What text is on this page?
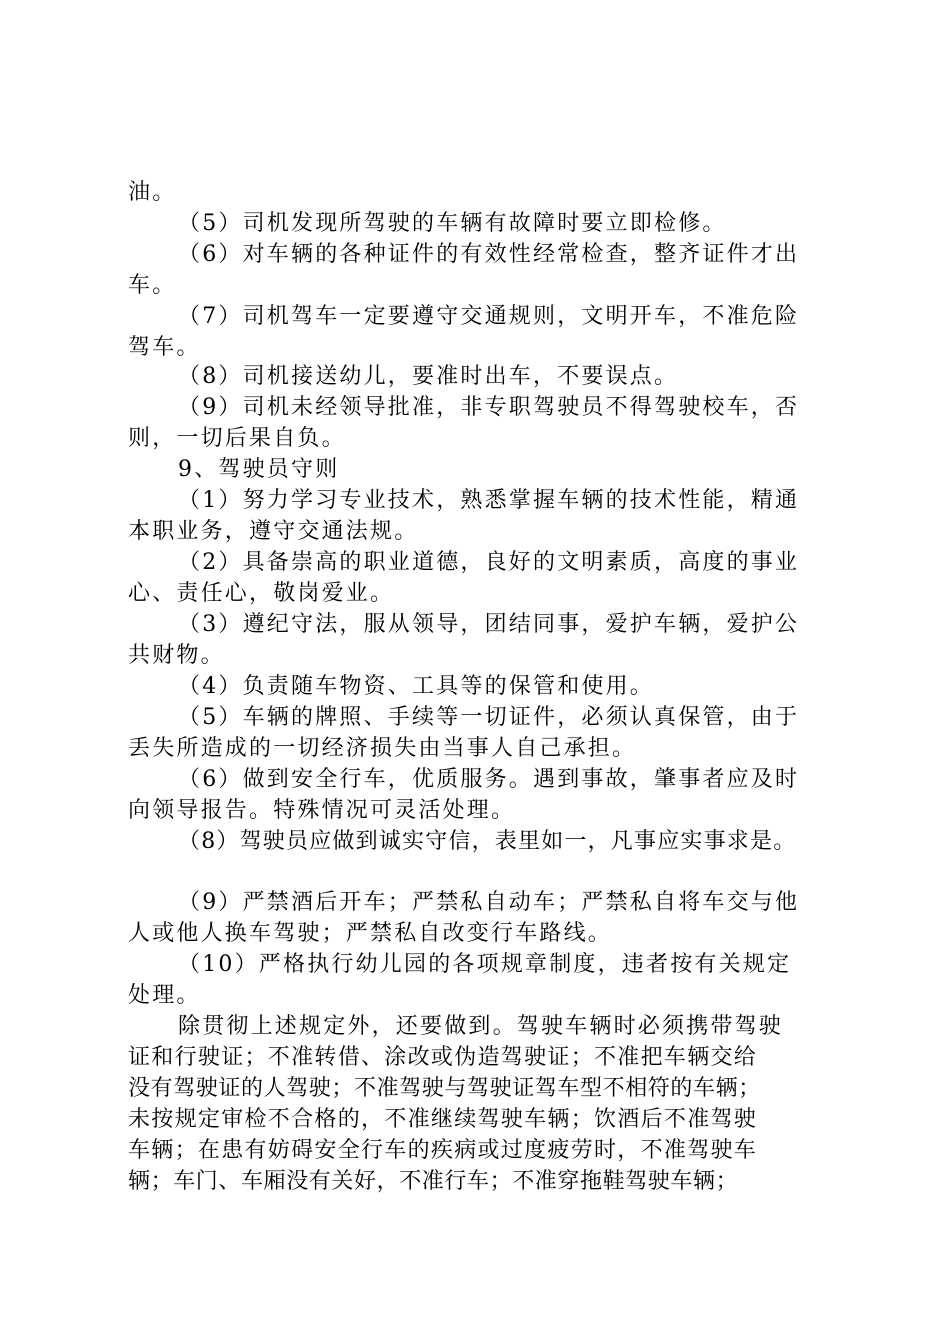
油。
（5）司机发现所驾驶的车辆有故障时要立即检修。
（6）对车辆的各种证件的有效性经常检查，整齐证件才出
车。
（7）司机驾车一定要遵守交通规则，文明开车，不准危险
驾车。
（8）司机接送幼儿，要准时出车，不要误点。
（9）司机未经领导批准，非专职驾驶员不得驾驶校车，否
则，一切后果自负。
9、驾驶员守则
（1）努力学习专业技术，熟悉掌握车辆的技术性能，精通
本职业务，遵守交通法规。
（2）具备崇高的职业道德，良好的文明素质，高度的事业
心、责任心，敬岗爱业。
（3）遵纪守法，服从领导，团结同事，爱护车辆，爱护公
共财物。
（4）负责随车物资、工具等的保管和使用。
（5）车辆的牌照、手续等一切证件，必须认真保管，由于
丢失所造成的一切经济损失由当事人自己承担。
（6）做到安全行车，优质服务。遇到事故，肇事者应及时
向领导报告。特殊情况可灵活处理。
（8）驾驶员应做到诚实守信，表里如一，凡事应实事求是。
（9）严禁酒后开车；严禁私自动车；严禁私自将车交与他
人或他人换车驾驶；严禁私自改变行车路线。
（10）严格执行幼儿园的各项规章制度，违者按有关规定
处理。
除贯彻上述规定外，还要做到。驾驶车辆时必须携带驾驶
证和行驶证；不准转借、涂改或伪造驾驶证；不准把车辆交给
没有驾驶证的人驾驶；不准驾驶与驾驶证驾车型不相符的车辆；
未按规定审检不合格的，不准继续驾驶车辆；饮酒后不准驾驶
车辆；在患有妨碍安全行车的疾病或过度疲劳时，不准驾驶车
辆；车门、车厢没有关好，不准行车；不准穿拖鞋驾驶车辆；
